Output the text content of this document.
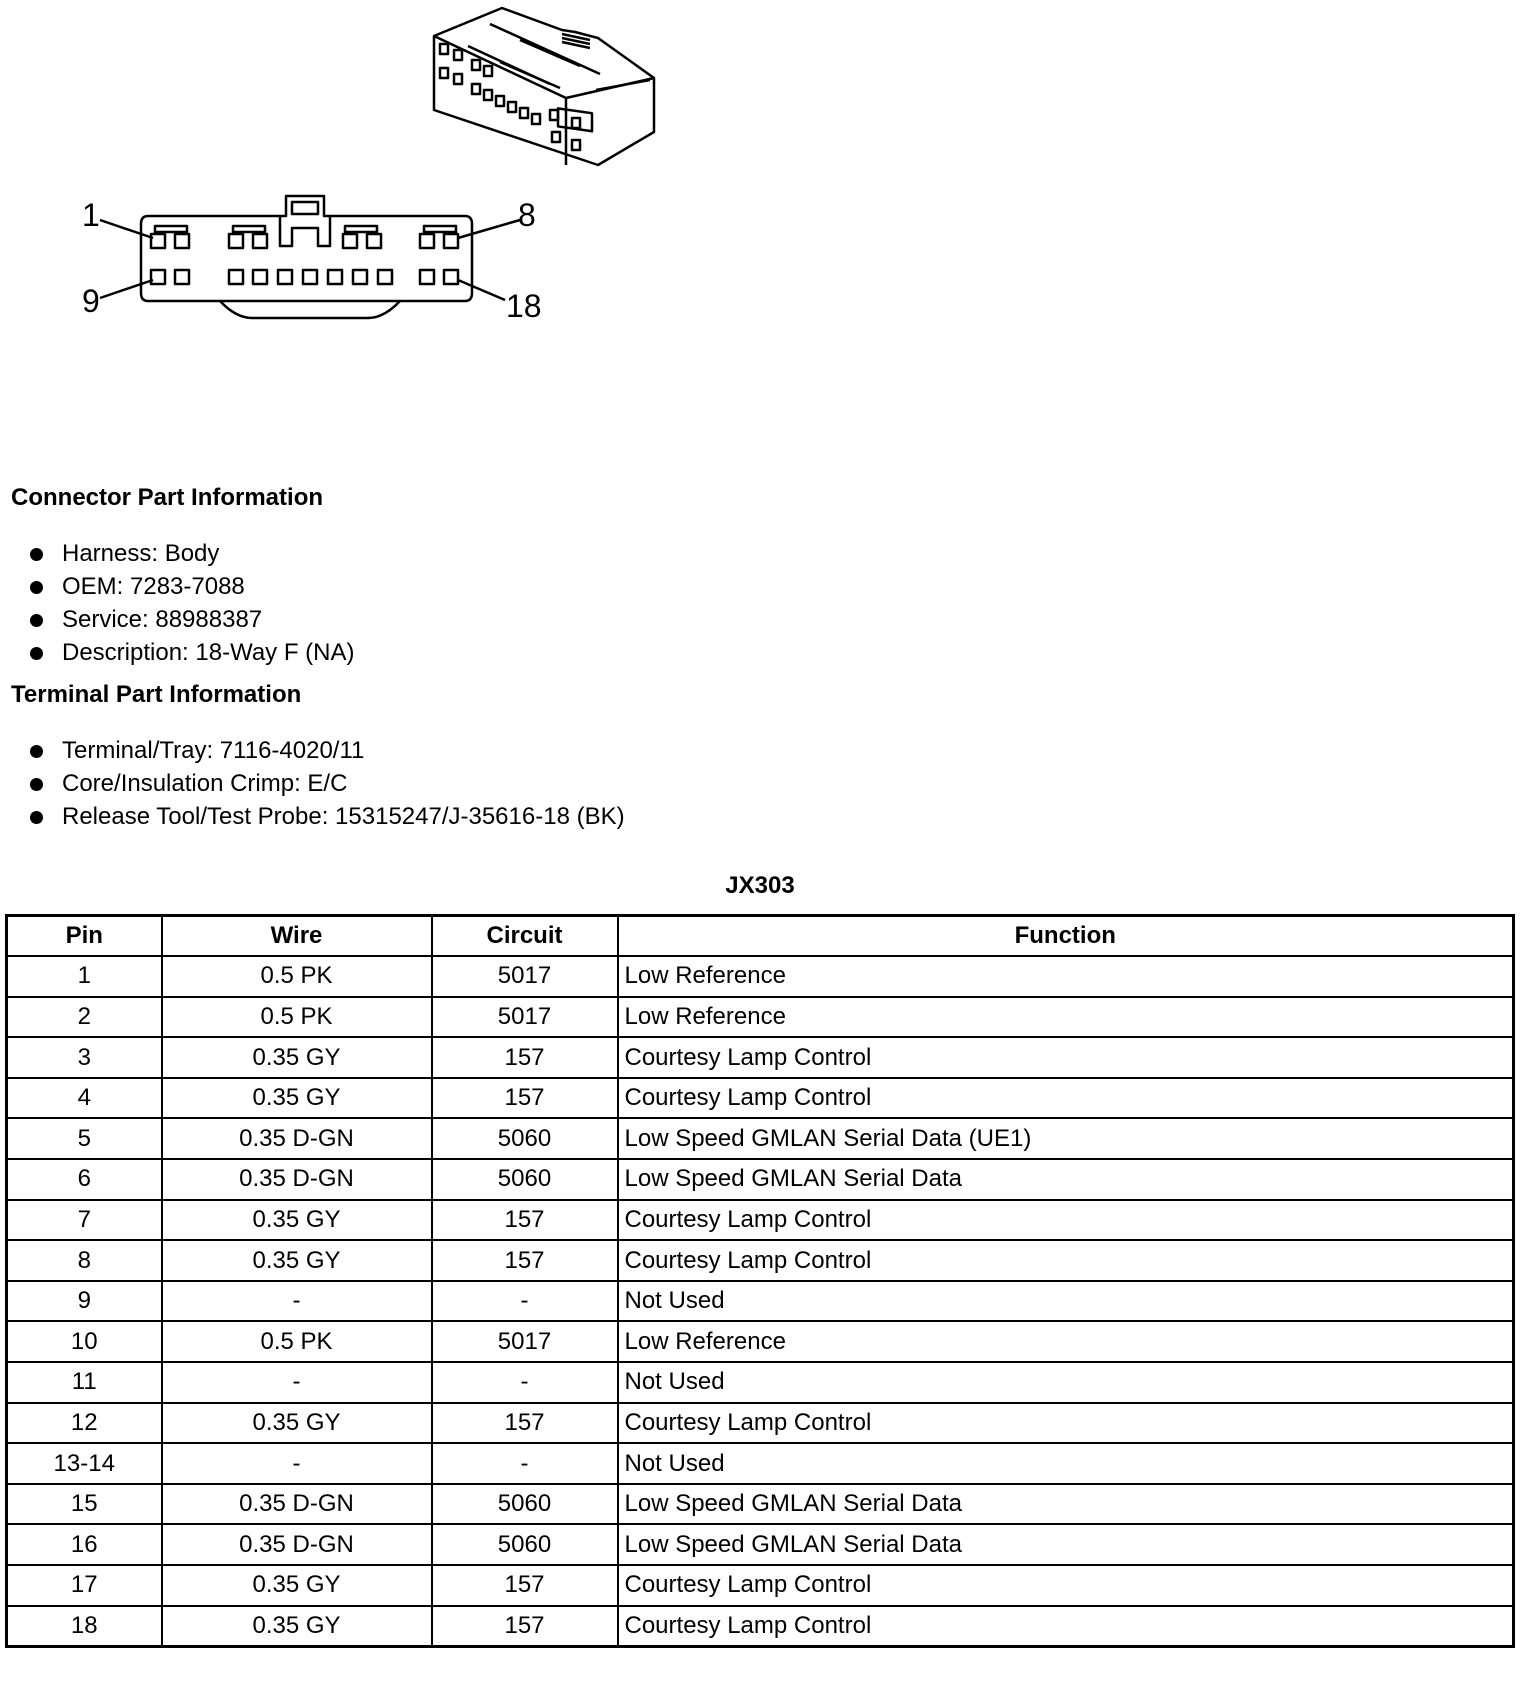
1	8
9	18
Connector Part Information
Harness: Body
OEM: 7283-7088
Service: 88988387
Description: 18-Way F (NA)
Terminal Part Information
Terminal/Tray: 7116-4020/11
Core/Insulation Crimp: E/C
Release Tool/Test Probe: 15315247/J-35616-18 (BK)
JX303
Pin	Wire	Circuit	Function
1	0.5 PK	5017	Low Reference
2	0.5 PK	5017	Low Reference
3	0.35 GY	157	Courtesy Lamp Control
4	0.35 GY	157	Courtesy Lamp Control
5	0.35 D-GN	5060	Low Speed GMLAN Serial Data (UE1)
6	0.35 D-GN	5060	Low Speed GMLAN Serial Data
7	0.35 GY	157	Courtesy Lamp Control
8	0.35 GY	157	Courtesy Lamp Control
9	-	-	Not Used
10	0.5 PK	5017	Low Reference
11	-	-	Not Used
12	0.35 GY	157	Courtesy Lamp Control
13-14	-	-	Not Used
15	0.35 D-GN	5060	Low Speed GMLAN Serial Data
16	0.35 D-GN	5060	Low Speed GMLAN Serial Data
17	0.35 GY	157	Courtesy Lamp Control
18	0.35 GY	157	Courtesy Lamp Control
